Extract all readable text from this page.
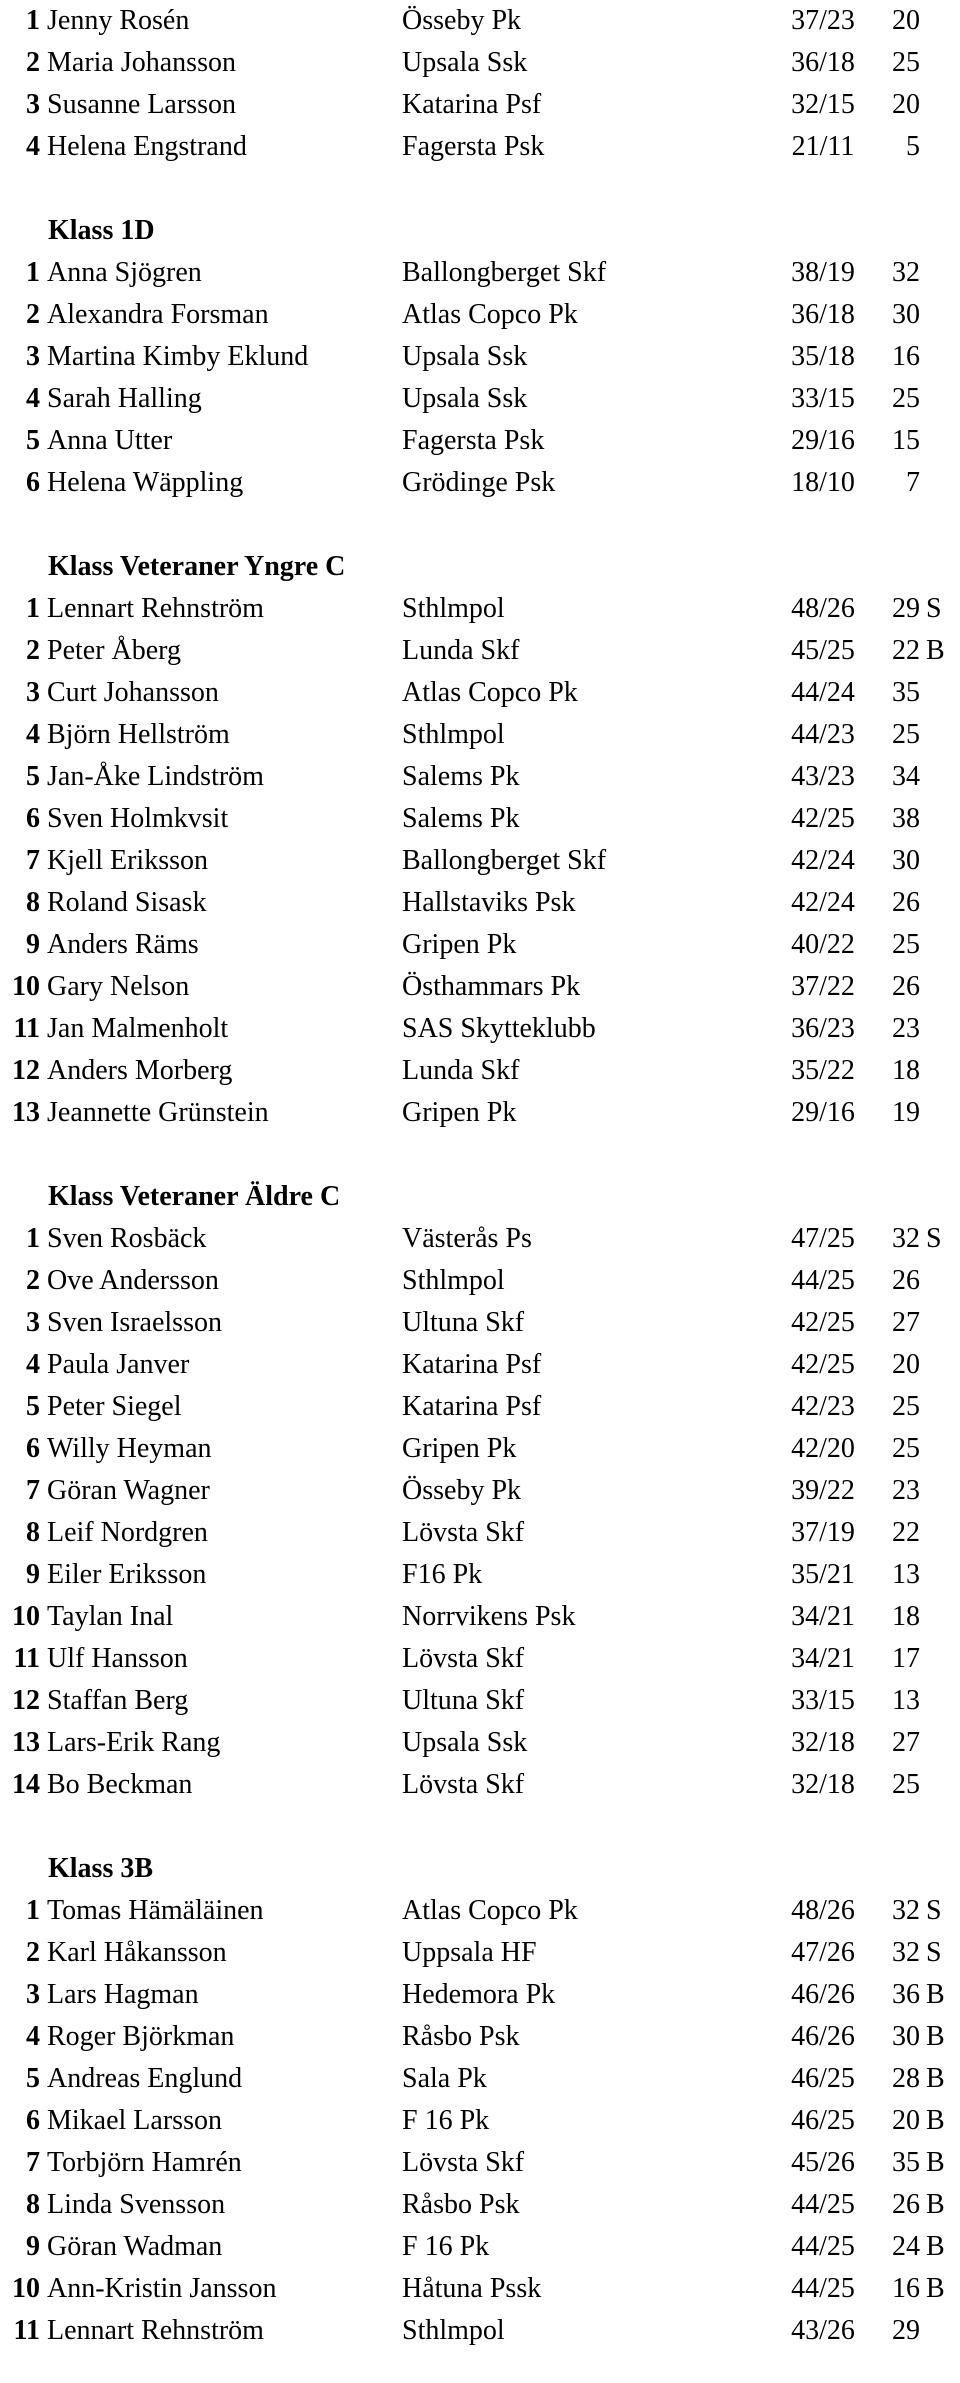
1 Jenny Rosén	Össeby Pk	37/23	20
2 Maria Johansson	Upsala Ssk	36/18	25
3 Susanne Larsson	Katarina Psf	32/15	20
4 Helena Engstrand	Fagersta Psk	21/11	5
Klass 1D
1 Anna Sjögren	Ballongberget Skf	38/19	32
2 Alexandra Forsman	Atlas Copco Pk	36/18	30
3 Martina Kimby Eklund	Upsala Ssk	35/18	16
4 Sarah Halling	Upsala Ssk	33/15	25
5 Anna Utter	Fagersta Psk	29/16	15
6 Helena Wäppling	Grödinge Psk	18/10	7
Klass Veteraner Yngre C
1 Lennart Rehnström	Sthlmpol	48/26	29 S
2 Peter Åberg	Lunda Skf	45/25	22 B
3 Curt Johansson	Atlas Copco Pk	44/24	35
4 Björn Hellström	Sthlmpol	44/23	25
5 Jan-Åke Lindström	Salems Pk	43/23	34
6 Sven Holmkvsit	Salems Pk	42/25	38
7 Kjell Eriksson	Ballongberget Skf	42/24	30
8 Roland Sisask	Hallstaviks Psk	42/24	26
9 Anders Räms	Gripen Pk	40/22	25
10 Gary Nelson	Östhammars Pk	37/22	26
11 Jan Malmenholt	SAS Skytteklubb	36/23	23
12 Anders Morberg	Lunda Skf	35/22	18
13 Jeannette Grünstein	Gripen Pk	29/16	19
Klass Veteraner Äldre C
1 Sven Rosbäck	Västerås Ps	47/25	32 S
2 Ove Andersson	Sthlmpol	44/25	26
3 Sven Israelsson	Ultuna Skf	42/25	27
4 Paula Janver	Katarina Psf	42/25	20
5 Peter Siegel	Katarina Psf	42/23	25
6 Willy Heyman	Gripen Pk	42/20	25
7 Göran Wagner	Össeby Pk	39/22	23
8 Leif Nordgren	Lövsta Skf	37/19	22
9 Eiler Eriksson	F16 Pk	35/21	13
10 Taylan Inal	Norrvikens Psk	34/21	18
11 Ulf Hansson	Lövsta Skf	34/21	17
12 Staffan Berg	Ultuna Skf	33/15	13
13 Lars-Erik Rang	Upsala Ssk	32/18	27
14 Bo Beckman	Lövsta Skf	32/18	25
Klass 3B
1 Tomas Hämäläinen	Atlas Copco Pk	48/26	32 S
2 Karl Håkansson	Uppsala HF	47/26	32 S
3 Lars Hagman	Hedemora Pk	46/26	36 B
4 Roger Björkman	Råsbo Psk	46/26	30 B
5 Andreas Englund	Sala Pk	46/25	28 B
6 Mikael Larsson	F 16 Pk	46/25	20 B
7 Torbjörn Hamrén	Lövsta Skf	45/26	35 B
8 Linda Svensson	Råsbo Psk	44/25	26 B
9 Göran Wadman	F 16 Pk	44/25	24 B
10 Ann-Kristin Jansson	Håtuna Pssk	44/25	16 B
11 Lennart Rehnström	Sthlmpol	43/26	29
